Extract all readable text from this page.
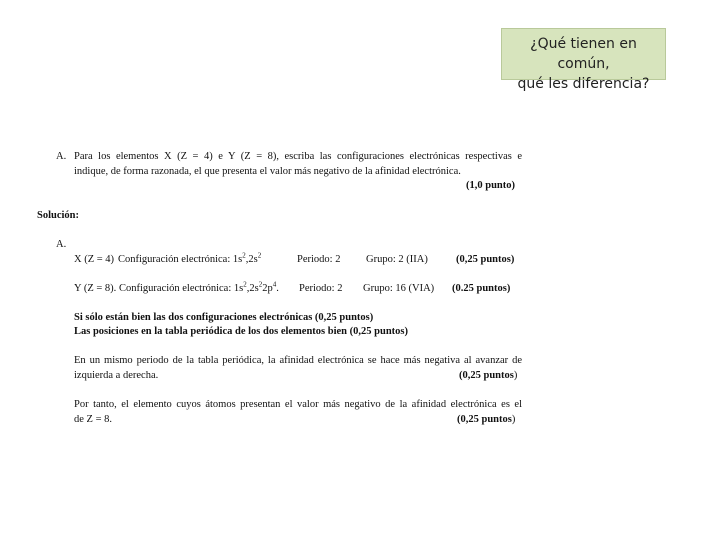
¿Qué tienen en común,
qué les diferencia?
A. Para los elementos X (Z = 4) e Y (Z = 8), escriba las configuraciones electrónicas respectivas e
indique, de forma razonada, el que presenta el valor más negativo de la afinidad electrónica.
(1,0 punto)
Solución:
A.
X (Z = 4) Configuración electrónica: $1s^2,2s^2$	Periodo: 2 Grupo: 2 (IIA)	(0,25 puntos)
Y (Z = 8). Configuración electrónica: $1s^2,2s^22p^4$. Periodo: 2 Grupo: 16 (VIA) (0.25 puntos)
Si sólo están bien las dos configuraciones electrónicas (0,25 puntos)
Las posiciones en la tabla periódica de los dos elementos bien (0,25 puntos)
En un mismo periodo de la tabla periódica, la afinidad electrónica se hace más negativa al avanzar de
izquierda a derecha.	(0,25 puntos)
Por tanto, el elemento cuyos átomos presentan el valor más negativo de la afinidad electrónica es el
de Z = 8.	(0,25 puntos)
